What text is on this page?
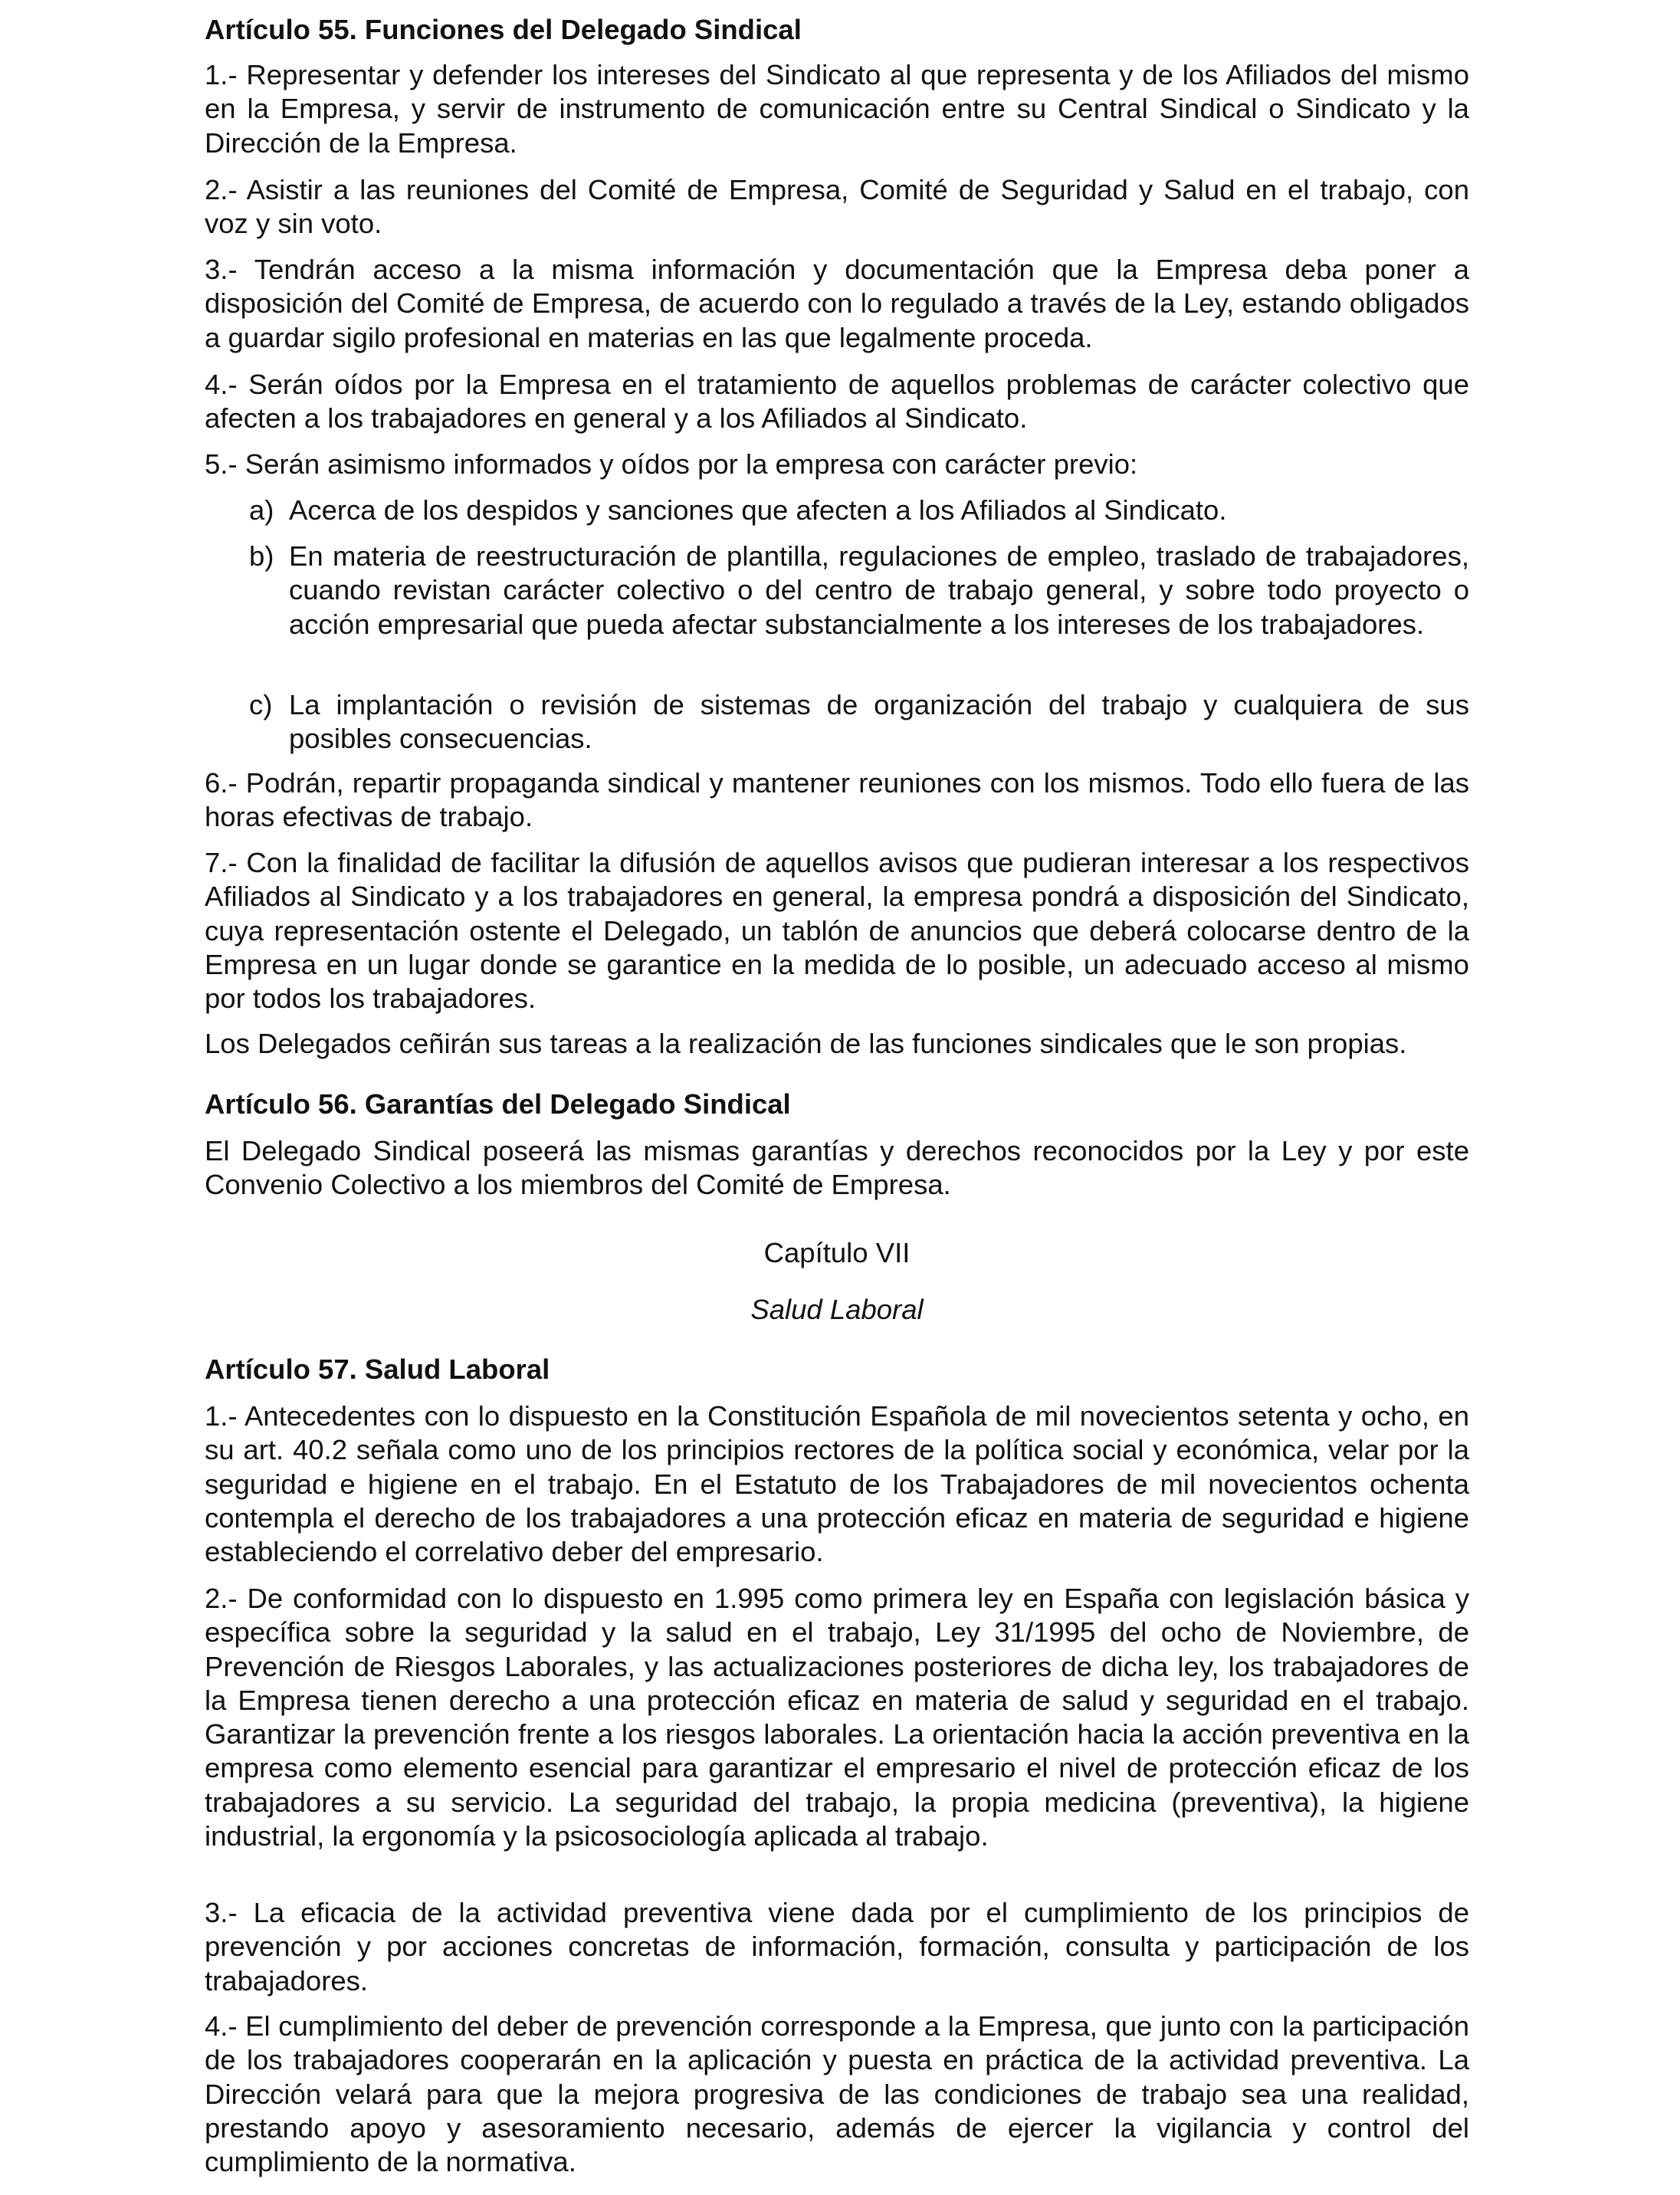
Artículo 55. Funciones del Delegado Sindical

1.- Representar y defender los intereses del Sindicato al que representa y de los Afiliados del mismo en la Empresa, y servir de instrumento de comunicación entre su Central Sindical o Sindicato y la Dirección de la Empresa.

2.- Asistir a las reuniones del Comité de Empresa, Comité de Seguridad y Salud en el trabajo, con voz y sin voto.

3.- Tendrán acceso a la misma información y documentación que la Empresa deba poner a disposición del Comité de Empresa, de acuerdo con lo regulado a través de la Ley, estando obligados a guardar sigilo profesional en materias en las que legalmente proceda.

4.- Serán oídos por la Empresa en el tratamiento de aquellos problemas de carácter colectivo que afecten a los trabajadores en general y a los Afiliados al Sindicato.

5.- Serán asimismo informados y oídos por la empresa con carácter previo:

a) Acerca de los despidos y sanciones que afecten a los Afiliados al Sindicato.
b) En materia de reestructuración de plantilla, regulaciones de empleo, traslado de trabajadores, cuando revistan carácter colectivo o del centro de trabajo general, y sobre todo proyecto o acción empresarial que pueda afectar substancialmente a los intereses de los trabajadores.
c) La implantación o revisión de sistemas de organización del trabajo y cualquiera de sus posibles consecuencias.

6.- Podrán, repartir propaganda sindical y mantener reuniones con los mismos. Todo ello fuera de las horas efectivas de trabajo.

7.- Con la finalidad de facilitar la difusión de aquellos avisos que pudieran interesar a los respectivos Afiliados al Sindicato y a los trabajadores en general, la empresa pondrá a disposición del Sindicato, cuya representación ostente el Delegado, un tablón de anuncios que deberá colocarse dentro de la Empresa en un lugar donde se garantice en la medida de lo posible, un adecuado acceso al mismo por todos los trabajadores.

Los Delegados ceñirán sus tareas a la realización de las funciones sindicales que le son propias.

Artículo 56. Garantías del Delegado Sindical

El Delegado Sindical poseerá las mismas garantías y derechos reconocidos por la Ley y por este Convenio Colectivo a los miembros del Comité de Empresa.

Capítulo VII
Salud Laboral
Artículo 57. Salud Laboral

1.- Antecedentes con lo dispuesto en la Constitución Española de mil novecientos setenta y ocho, en su art. 40.2 señala como uno de los principios rectores de la política social y económica, velar por la seguridad e higiene en el trabajo. En el Estatuto de los Trabajadores de mil novecientos ochenta contempla el derecho de los trabajadores a una protección eficaz en materia de seguridad e higiene estableciendo el correlativo deber del empresario.

2.- De conformidad con lo dispuesto en 1.995 como primera ley en España con legislación básica y específica sobre la seguridad y la salud en el trabajo, Ley 31/1995 del ocho de Noviembre, de Prevención de Riesgos Laborales, y las actualizaciones posteriores de dicha ley, los trabajadores de la Empresa tienen derecho a una protección eficaz en materia de salud y seguridad en el trabajo. Garantizar la prevención frente a los riesgos laborales. La orientación hacia la acción preventiva en la empresa como elemento esencial para garantizar el empresario el nivel de protección eficaz de los trabajadores a su servicio. La seguridad del trabajo, la propia medicina (preventiva), la higiene industrial, la ergonomía y la psicosociología aplicada al trabajo.

3.- La eficacia de la actividad preventiva viene dada por el cumplimiento de los principios de prevención y por acciones concretas de información, formación, consulta y participación de los trabajadores.

4.- El cumplimiento del deber de prevención corresponde a la Empresa, que junto con la participación de los trabajadores cooperarán en la aplicación y puesta en práctica de la actividad preventiva. La Dirección velará para que la mejora progresiva de las condiciones de trabajo sea una realidad, prestando apoyo y asesoramiento necesario, además de ejercer la vigilancia y control del cumplimiento de la normativa.
